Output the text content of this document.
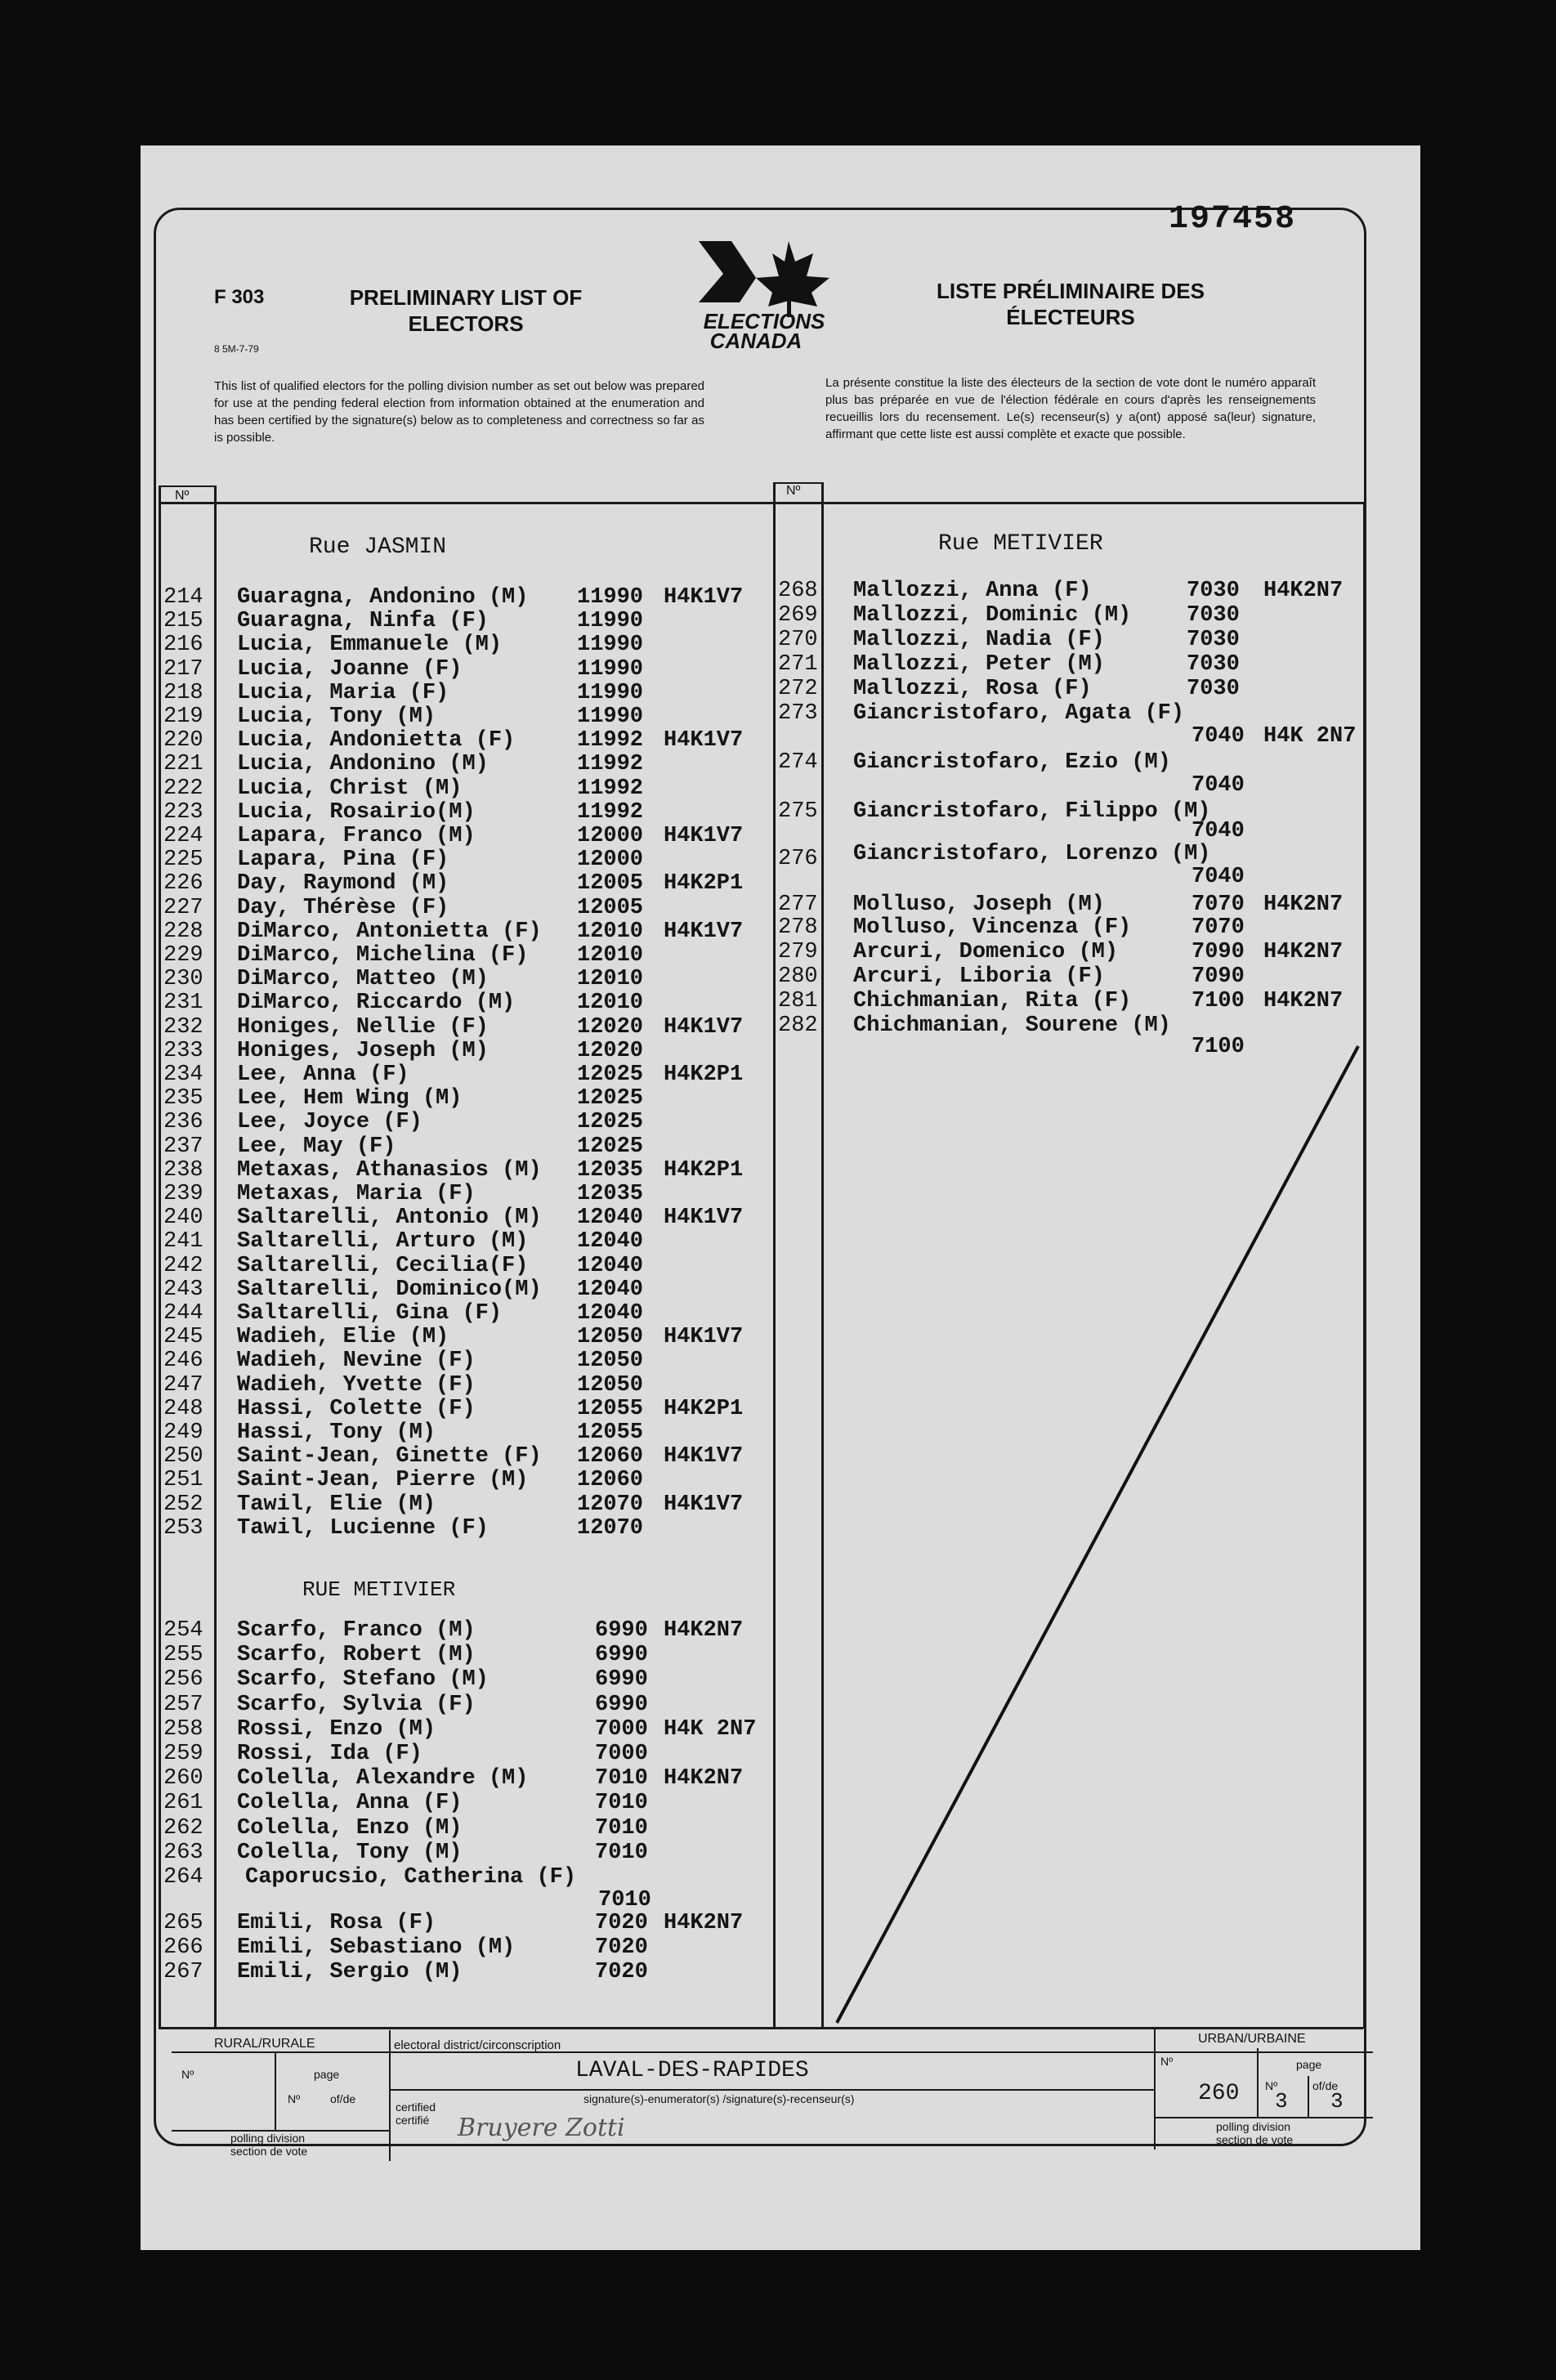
F 303
8 5M-7-79
PRELIMINARY LIST OF
ELECTORS
LISTE PRÉLIMINAIRE DES
ÉLECTEURS
197458
ELECTIONS
CANADA
This list of qualified electors for the polling division number as set out below was prepared for use at the pending federal election from information obtained at the enumeration and has been certified by the signature(s) below as to completeness and correctness so far as is possible.
La présente constitue la liste des électeurs de la section de vote dont le numéro apparaît plus bas préparée en vue de l'élection fédérale en cours d'après les renseignements recueillis lors du recensement. Le(s) recenseur(s) y a(ont) apposé sa(leur) signature, affirmant que cette liste est aussi complète et exacte que possible.
Nº	Nº
Rue JASMIN
214 Guaragna, Andonino (M) 11990 H4K1V7
215 Guaragna, Ninfa (F)	11990
216 Lucia, Emmanuele (M)	11990
217 Lucia, Joanne (F)	11990
218 Lucia, Maria (F)	11990
219 Lucia, Tony (M)	11990
220 Lucia, Andonietta (F)	11992 H4K1V7
221 Lucia, Andonino (M)	11992
222 Lucia, Christ (M)	11992
223 Lucia, Rosairio(M)	11992
224 Lapara, Franco (M)	12000 H4K1V7
225 Lapara, Pina (F)	12000
226 Day, Raymond (M)	12005 H4K2P1
227 Day, Thérèse (F)	12005
228 DiMarco, Antonietta (F) 12010 H4K1V7
229 DiMarco, Michelina (F) 12010
230 DiMarco, Matteo (M)	12010
231 DiMarco, Riccardo (M)	12010
232 Honiges, Nellie (F)	12020 H4K1V7
233 Honiges, Joseph (M)	12020
234 Lee, Anna (F)	12025 H4K2P1
235 Lee, Hem Wing (M)	12025
236 Lee, Joyce (F)	12025
237 Lee, May (F)	12025
238 Metaxas, Athanasios (M) 12035 H4K2P1
239 Metaxas, Maria (F)	12035
240 Saltarelli, Antonio (M) 12040 H4K1V7
241 Saltarelli, Arturo (M) 12040
242 Saltarelli, Cecilia(F) 12040
243 Saltarelli, Dominico(M) 12040
244 Saltarelli, Gina (F)	12040
245 Wadieh, Elie (M)	12050 H4K1V7
246 Wadieh, Nevine (F)	12050
247 Wadieh, Yvette (F)	12050
248 Hassi, Colette (F)	12055 H4K2P1
249 Hassi, Tony (M)	12055
250 Saint-Jean, Ginette (F) 12060 H4K1V7
251 Saint-Jean, Pierre (M) 12060
252 Tawil, Elie (M)	12070 H4K1V7
253 Tawil, Lucienne (F)	12070
RUE METIVIER
254 Scarfo, Franco (M)	6990 H4K2N7
255 Scarfo, Robert (M)	6990
256 Scarfo, Stefano (M)	6990
257 Scarfo, Sylvia (F)	6990
258 Rossi, Enzo (M)	7000 H4K 2N7
259 Rossi, Ida (F)	7000
260 Colella, Alexandre (M)	7010 H4K2N7
261 Colella, Anna (F)	7010
262 Colella, Enzo (M)	7010
263 Colella, Tony (M)	7010
264 Caporucsio, Catherina (F)
7010
265 Emili, Rosa (F)	7020 H4K2N7
266 Emili, Sebastiano (M)	7020
267 Emili, Sergio (M)	7020
Rue METIVIER
268 Mallozzi, Anna (F)	7030 H4K2N7
269 Mallozzi, Dominic (M)	7030
270 Mallozzi, Nadia (F)	7030
271 Mallozzi, Peter (M)	7030
272 Mallozzi, Rosa (F)	7030
273 Giancristofaro, Agata (F)
7040 H4K 2N7
274 Giancristofaro, Ezio (M)
7040
275 Giancristofaro, Filippo (M)
7040
276 Giancristofaro, Lorenzo (M)
7040
277 Molluso, Joseph (M)	7070 H4K2N7
278 Molluso, Vincenza (F)	7070
279 Arcuri, Domenico (M)	7090 H4K2N7
280 Arcuri, Liboria (F)	7090
281 Chichmanian, Rita (F)	7100 H4K2N7
282 Chichmanian, Sourene (M)
7100
RURAL/RURALE
Nº	page
Nº	of/de
polling division
section de vote
electoral district/circonscription
LAVAL-DES-RAPIDES
signature(s)-enumerator(s) /signature(s)-recenseur(s)
certified
certifié Bruyere Zotti
URBAN/URBAINE
Nº
260
page
Nº
3
of/de
3
polling division
section de vote
